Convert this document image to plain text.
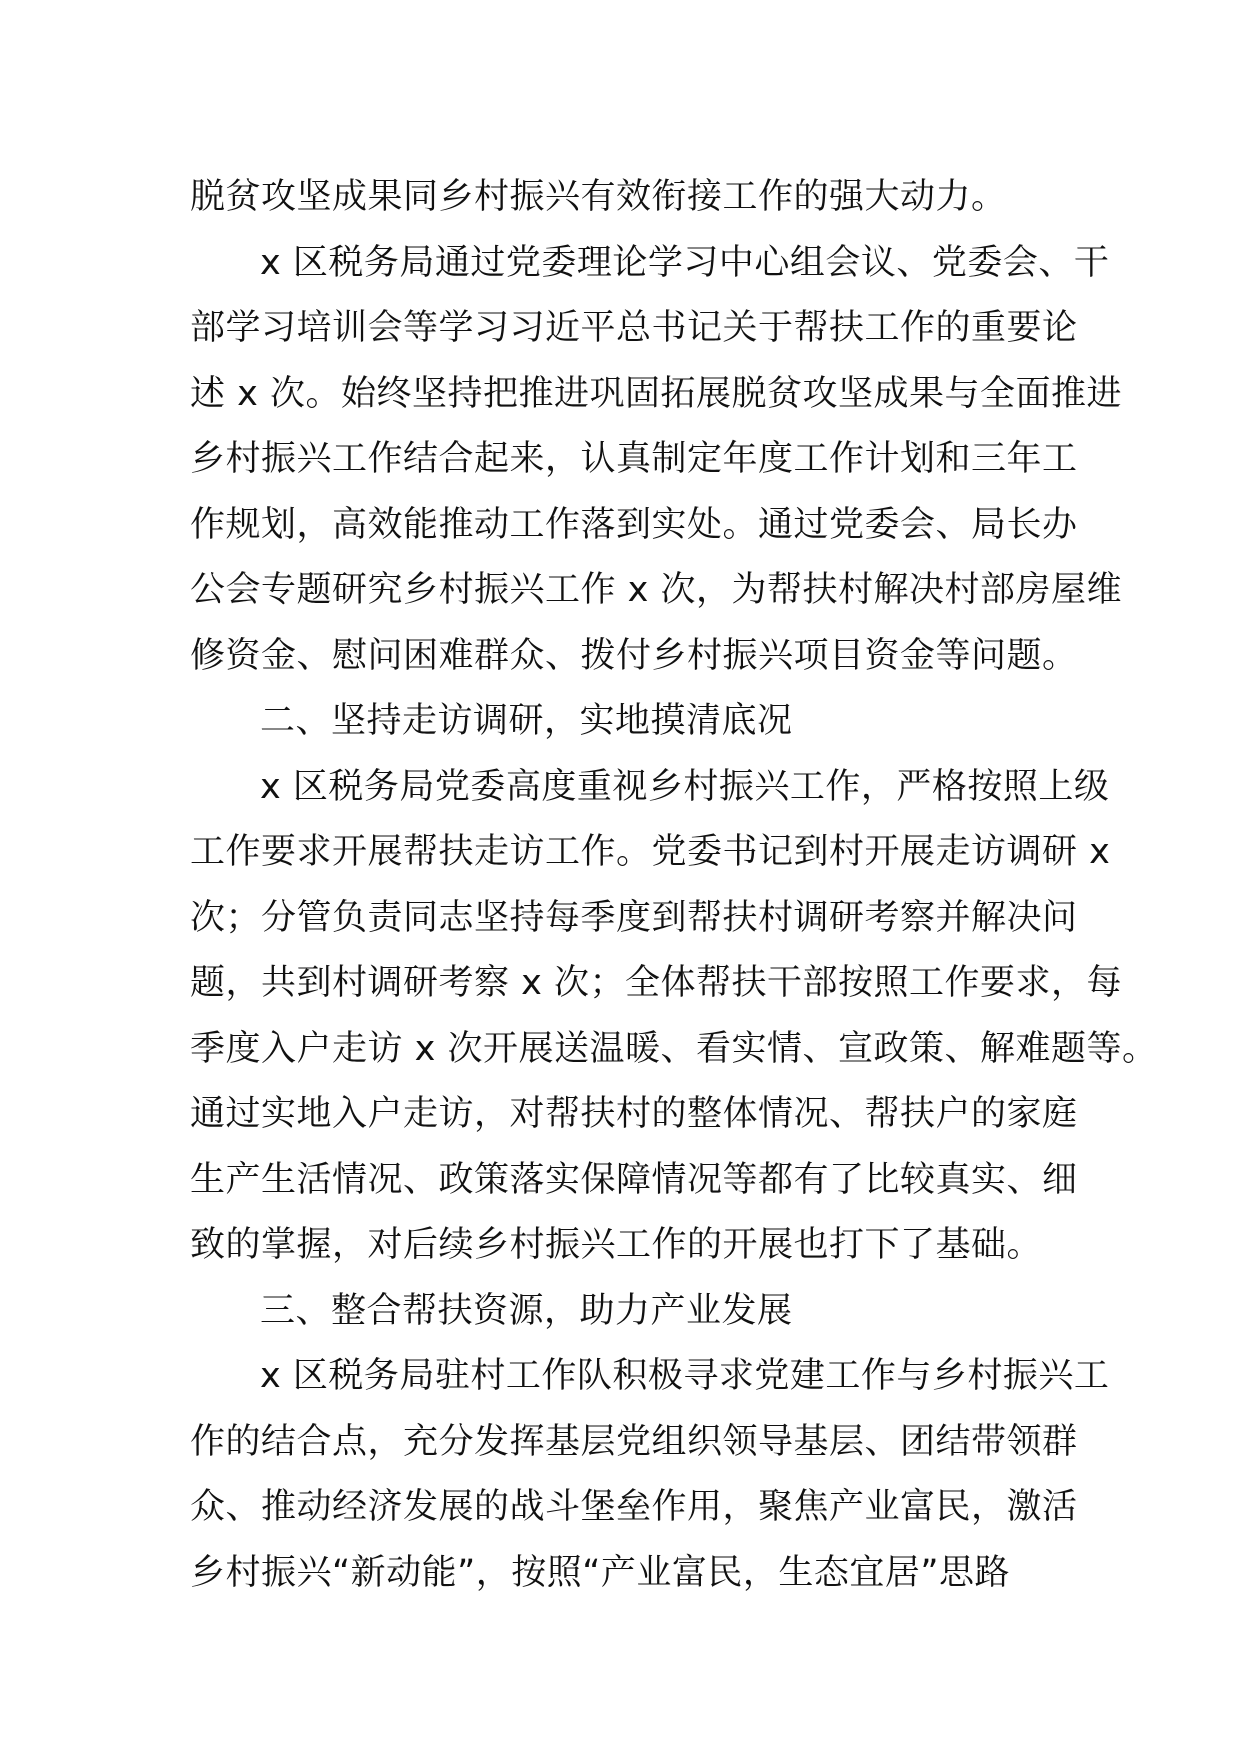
脱贫攻坚成果同乡村振兴有效衔接工作的强大动力。
x 区税务局通过党委理论学习中心组会议、党委会、干
部学习培训会等学习习近平总书记关于帮扶工作的重要论
述 x 次。始终坚持把推进巩固拓展脱贫攻坚成果与全面推进
乡村振兴工作结合起来，认真制定年度工作计划和三年工
作规划，高效能推动工作落到实处。通过党委会、局长办
公会专题研究乡村振兴工作 x 次，为帮扶村解决村部房屋维
修资金、慰问困难群众、拨付乡村振兴项目资金等问题。
二、坚持走访调研，实地摸清底况
x 区税务局党委高度重视乡村振兴工作，严格按照上级
工作要求开展帮扶走访工作。党委书记到村开展走访调研 x
次；分管负责同志坚持每季度到帮扶村调研考察并解决问
题，共到村调研考察 x 次；全体帮扶干部按照工作要求，每
季度入户走访 x 次开展送温暖、看实情、宣政策、解难题等。
通过实地入户走访，对帮扶村的整体情况、帮扶户的家庭
生产生活情况、政策落实保障情况等都有了比较真实、细
致的掌握，对后续乡村振兴工作的开展也打下了基础。
三、整合帮扶资源，助力产业发展
x 区税务局驻村工作队积极寻求党建工作与乡村振兴工
作的结合点，充分发挥基层党组织领导基层、团结带领群
众、推动经济发展的战斗堡垒作用，聚焦产业富民，激活
乡村振兴“新动能”，按照“产业富民，生态宜居”思路
